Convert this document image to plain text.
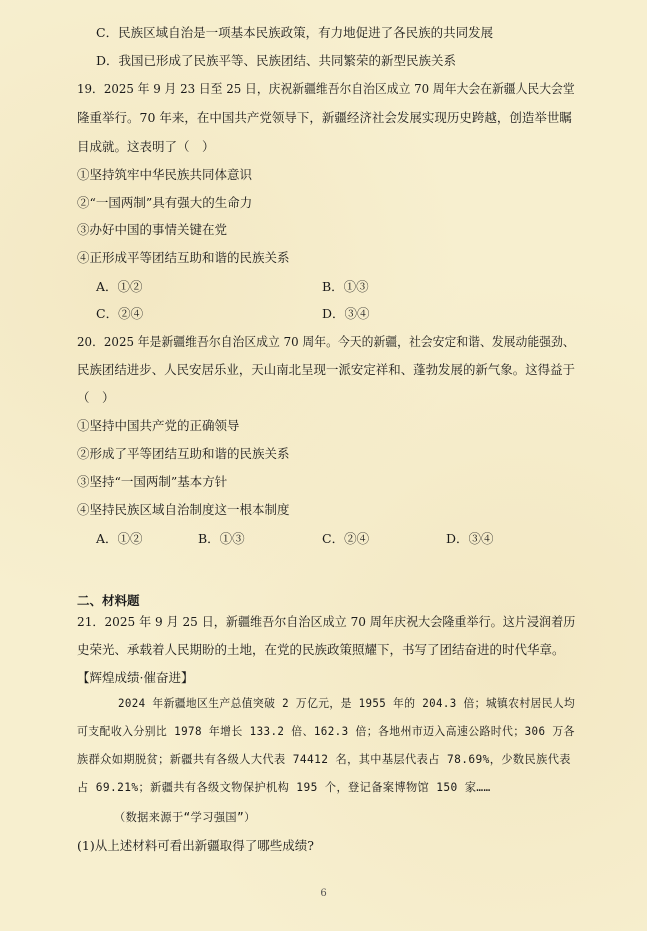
C．民族区域自治是一项基本民族政策，有力地促进了各民族的共同发展
D．我国已形成了民族平等、民族团结、共同繁荣的新型民族关系
19．2025 年 9 月 23 日至 25 日，庆祝新疆维吾尔自治区成立 70 周年大会在新疆人民大会堂
隆重举行。70 年来，在中国共产党领导下，新疆经济社会发展实现历史跨越，创造举世瞩
目成就。这表明了（　）
①坚持筑牢中华民族共同体意识
②“一国两制”具有强大的生命力
③办好中国的事情关键在党
④正形成平等团结互助和谐的民族关系
A．①②	B．①③
C．②④	D．③④
20．2025 年是新疆维吾尔自治区成立 70 周年。今天的新疆，社会安定和谐、发展动能强劲、
民族团结进步、人民安居乐业，天山南北呈现一派安定祥和、蓬勃发展的新气象。这得益于
（　）
①坚持中国共产党的正确领导
②形成了平等团结互助和谐的民族关系
③坚持“一国两制”基本方针
④坚持民族区域自治制度这一根本制度
A．①②	B．①③	C．②④	D．③④
二、材料题
21．2025 年 9 月 25 日，新疆维吾尔自治区成立 70 周年庆祝大会隆重举行。这片浸润着历
史荣光、承载着人民期盼的土地，在党的民族政策照耀下，书写了团结奋进的时代华章。
【辉煌成绩·催奋进】
2024 年新疆地区生产总值突破 2 万亿元，是 1955 年的 204.3 倍；城镇农村居民人均
可支配收入分别比 1978 年增长 133.2 倍、162.3 倍；各地州市迈入高速公路时代；306 万各
族群众如期脱贫；新疆共有各级人大代表 74412 名，其中基层代表占 78.69%，少数民族代表
占 69.21%；新疆共有各级文物保护机构 195 个，登记备案博物馆 150 家……
（数据来源于“学习强国”）
(1)从上述材料可看出新疆取得了哪些成绩?
6
